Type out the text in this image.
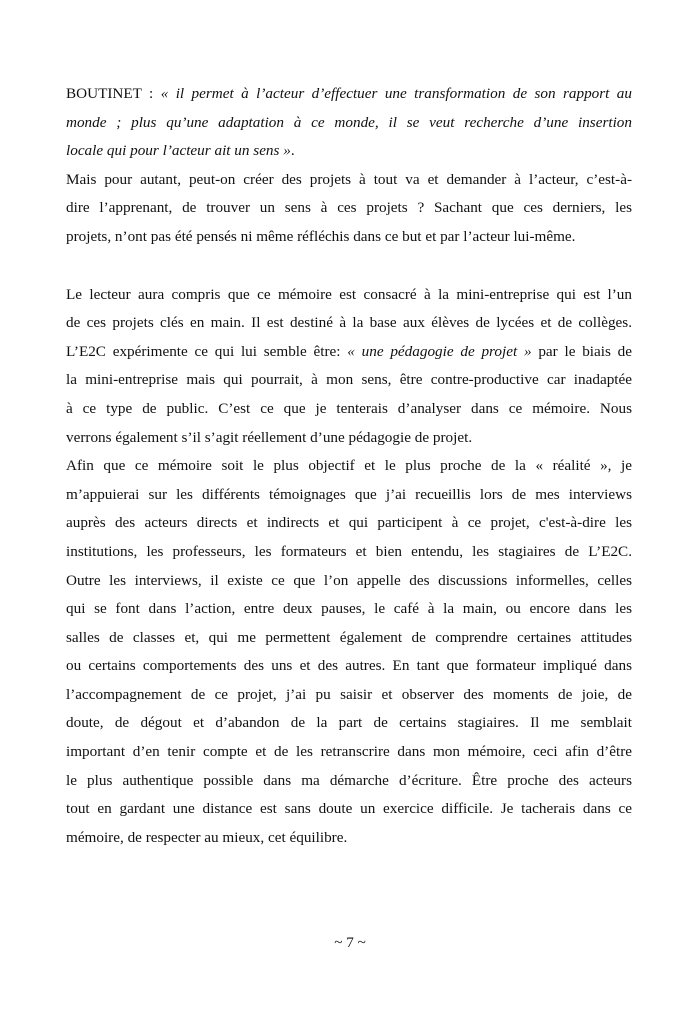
BOUTINET : « il permet à l’acteur d’effectuer une transformation de son rapport au
monde ; plus qu’une adaptation à ce monde, il se veut recherche d’une insertion
locale qui pour l’acteur ait un sens ».
Mais pour autant, peut-on créer des projets à tout va et demander à l’acteur, c’est-à-
dire l’apprenant, de trouver un sens à ces projets ? Sachant que ces derniers, les
projets, n’ont pas été pensés ni même réfléchis dans ce but et par l’acteur lui-même.
Le lecteur aura compris que ce mémoire est consacré à la mini-entreprise qui est l’un
de ces projets clés en main. Il est destiné à la base aux élèves de lycées et de collèges.
L’E2C expérimente ce qui lui semble être: « une pédagogie de projet » par le biais de
la mini-entreprise mais qui pourrait, à mon sens, être contre-productive car inadaptée
à ce type de public. C’est ce que je tenterais d’analyser dans ce mémoire. Nous
verrons également s’il s’agit réellement d’une pédagogie de projet.
Afin que ce mémoire soit le plus objectif et le plus proche de la « réalité », je
m’appuierai sur les différents témoignages que j’ai recueillis lors de mes interviews
auprès des acteurs directs et indirects et qui participent à ce projet, c'est-à-dire les
institutions, les professeurs, les formateurs et bien entendu, les stagiaires de L’E2C.
Outre les interviews, il existe ce que l’on appelle des discussions informelles, celles
qui se font dans l’action, entre deux pauses, le café à la main, ou encore dans les
salles de classes et, qui me permettent également de comprendre certaines attitudes
ou certains comportements des uns et des autres. En tant que formateur impliqué dans
l’accompagnement de ce projet, j’ai pu saisir et observer des moments de joie, de
doute, de dégout et d’abandon de la part de certains stagiaires. Il me semblait
important d’en tenir compte et de les retranscrire dans mon mémoire, ceci afin d’être
le plus authentique possible dans ma démarche d’écriture. Être proche des acteurs
tout en gardant une distance est sans doute un exercice difficile. Je tacherais dans ce
mémoire, de respecter au mieux, cet équilibre.
~ 7 ~
